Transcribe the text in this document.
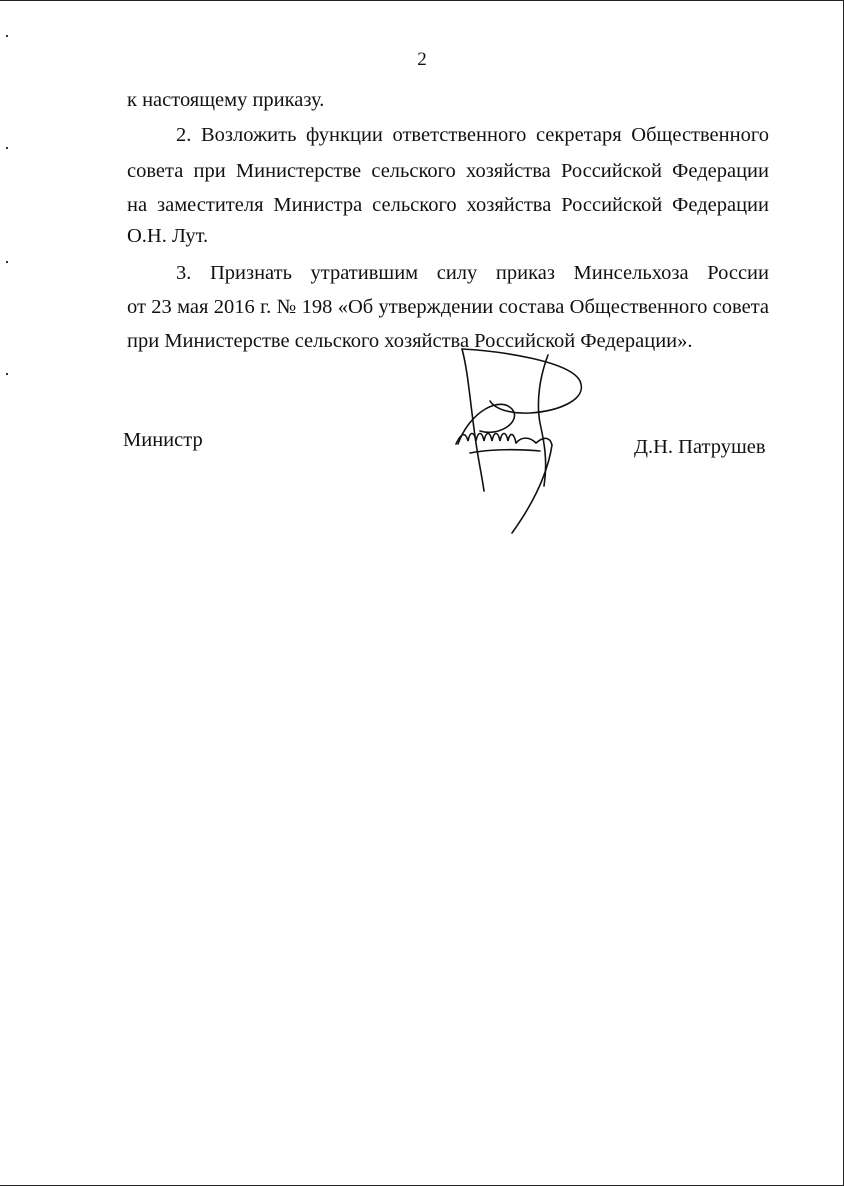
2
к настоящему приказу.
2. Возложить функции ответственного секретаря Общественного
совета при Министерстве сельского хозяйства Российской Федерации
на заместителя Министра сельского хозяйства Российской Федерации
О.Н. Лут.
3. Признать утратившим силу приказ Минсельхоза России
от 23 мая 2016 г. № 198 «Об утверждении состава Общественного совета
при Министерстве сельского хозяйства Российской Федерации».
Министр	Д.Н. Патрушев
